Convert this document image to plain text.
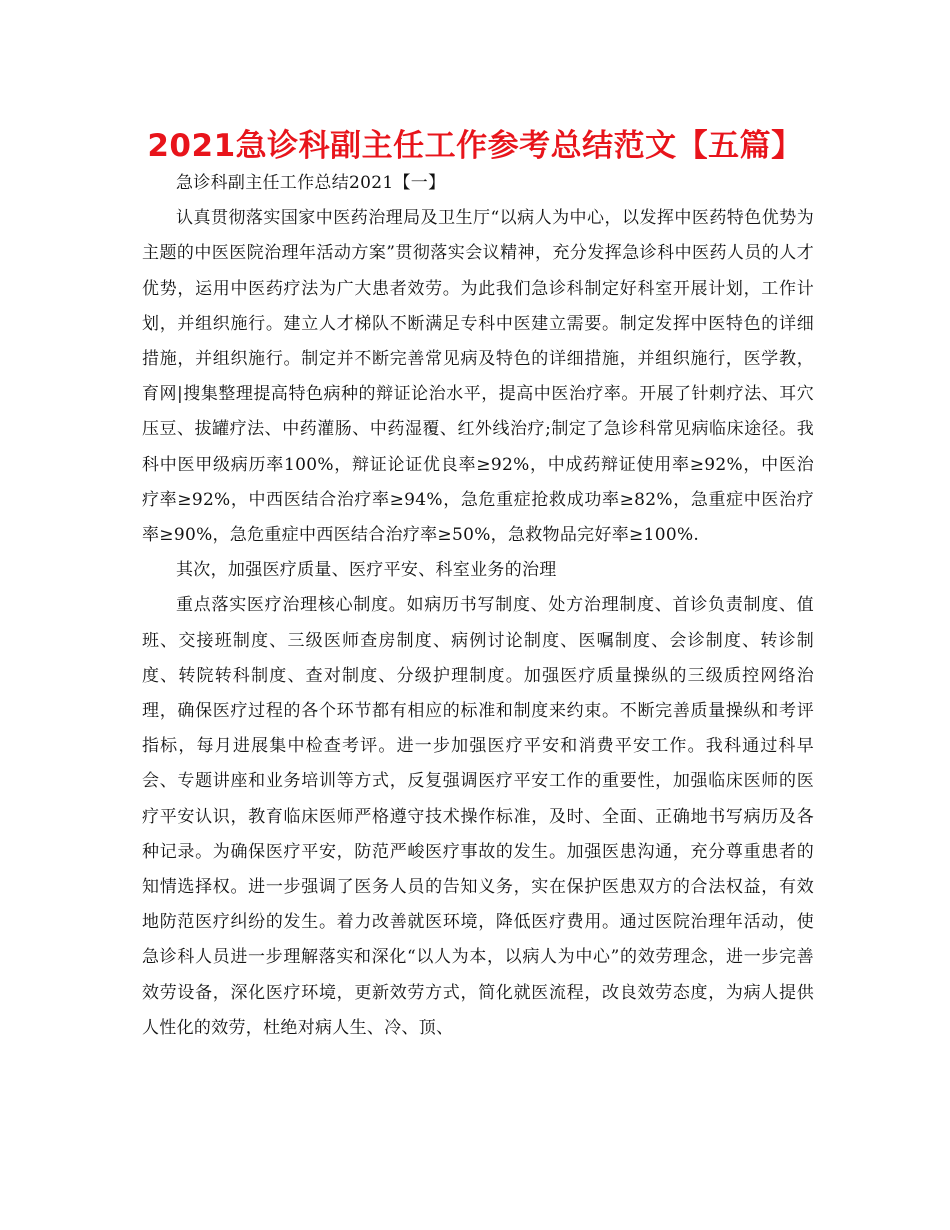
2021急诊科副主任工作参考总结范文【五篇】

急诊科副主任工作总结2021【一】

认真贯彻落实国家中医药治理局及卫生厅“以病人为中心，以发挥中医药特色优势为主题的中医医院治理年活动方案”贯彻落实会议精神，充分发挥急诊科中医药人员的人才优势，运用中医药疗法为广大患者效劳。为此我们急诊科制定好科室开展计划，工作计划，并组织施行。建立人才梯队不断满足专科中医建立需要。制定发挥中医特色的详细措施，并组织施行。制定并不断完善常见病及特色的详细措施，并组织施行，医学教，育网|搜集整理提高特色病种的辩证论治水平，提高中医治疗率。开展了针刺疗法、耳穴压豆、拔罐疗法、中药灌肠、中药湿覆、红外线治疗;制定了急诊科常见病临床途径。我科中医甲级病历率100%，辩证论证优良率≥92%，中成药辩证使用率≥92%，中医治疗率≥92%，中西医结合治疗率≥94%，急危重症抢救成功率≥82%，急重症中医治疗率≥90%，急危重症中西医结合治疗率≥50%，急救物品完好率≥100%.

其次，加强医疗质量、医疗平安、科室业务的治理

重点落实医疗治理核心制度。如病历书写制度、处方治理制度、首诊负责制度、值班、交接班制度、三级医师查房制度、病例讨论制度、医嘱制度、会诊制度、转诊制度、转院转科制度、查对制度、分级护理制度。加强医疗质量操纵的三级质控网络治理，确保医疗过程的各个环节都有相应的标准和制度来约束。不断完善质量操纵和考评指标，每月进展集中检查考评。进一步加强医疗平安和消费平安工作。我科通过科早会、专题讲座和业务培训等方式，反复强调医疗平安工作的重要性，加强临床医师的医疗平安认识，教育临床医师严格遵守技术操作标准，及时、全面、正确地书写病历及各种记录。为确保医疗平安，防范严峻医疗事故的发生。加强医患沟通，充分尊重患者的知情选择权。进一步强调了医务人员的告知义务，实在保护医患双方的合法权益，有效地防范医疗纠纷的发生。着力改善就医环境，降低医疗费用。通过医院治理年活动，使急诊科人员进一步理解落实和深化“以人为本，以病人为中心”的效劳理念，进一步完善效劳设备，深化医疗环境，更新效劳方式，简化就医流程，改良效劳态度，为病人提供人性化的效劳，杜绝对病人生、冷、顶、
